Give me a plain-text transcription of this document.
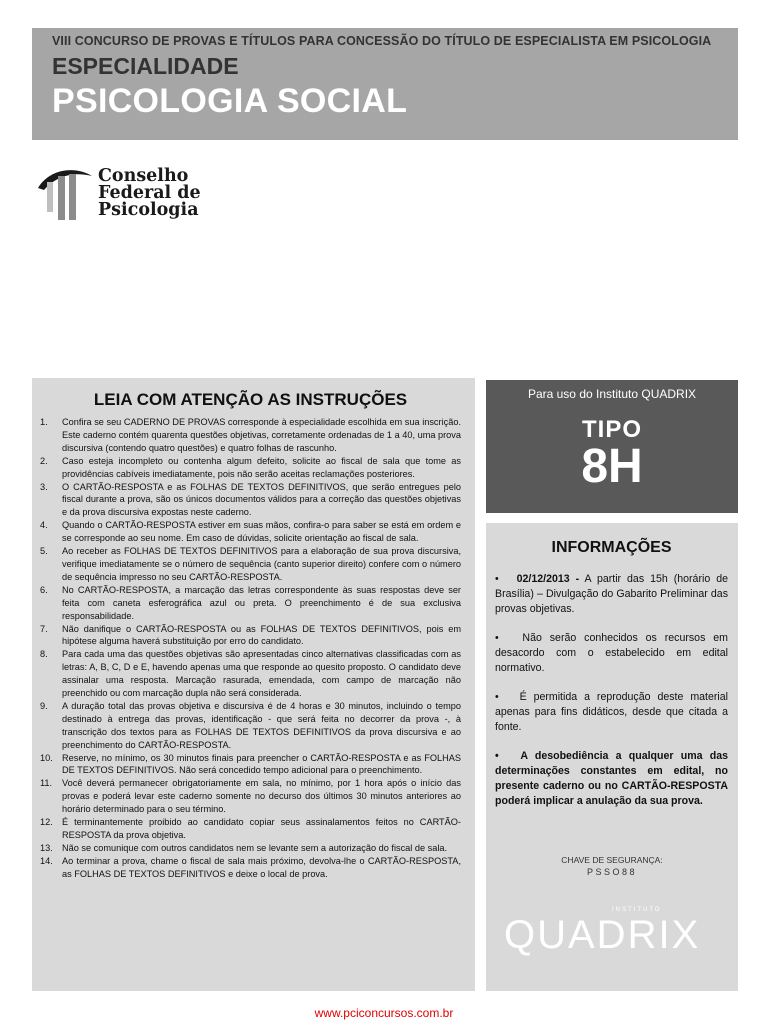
VIII CONCURSO DE PROVAS E TÍTULOS PARA CONCESSÃO DO TÍTULO DE ESPECIALISTA EM PSICOLOGIA
ESPECIALIDADE
PSICOLOGIA SOCIAL
Conselho
Federal de
Psicologia
LEIA COM ATENÇÃO AS INSTRUÇÕES
1. Confira se seu CADERNO DE PROVAS corresponde à especialidade escolhida em sua inscrição. Este caderno contém quarenta questões objetivas, corretamente ordenadas de 1 a 40, uma prova discursiva (contendo quatro questões) e quatro folhas de rascunho.
2. Caso esteja incompleto ou contenha algum defeito, solicite ao fiscal de sala que tome as providências cabíveis imediatamente, pois não serão aceitas reclamações posteriores.
3. O CARTÃO-RESPOSTA e as FOLHAS DE TEXTOS DEFINITIVOS, que serão entregues pelo fiscal durante a prova, são os únicos documentos válidos para a correção das questões objetivas e da prova discursiva expostas neste caderno.
4. Quando o CARTÃO-RESPOSTA estiver em suas mãos, confira-o para saber se está em ordem e se corresponde ao seu nome. Em caso de dúvidas, solicite orientação ao fiscal de sala.
5. Ao receber as FOLHAS DE TEXTOS DEFINITIVOS para a elaboração de sua prova discursiva, verifique imediatamente se o número de sequência (canto superior direito) confere com o número de sequência impresso no seu CARTÃO-RESPOSTA.
6. No CARTÃO-RESPOSTA, a marcação das letras correspondente às suas respostas deve ser feita com caneta esferográfica azul ou preta. O preenchimento é de sua exclusiva responsabilidade.
7. Não danifique o CARTÃO-RESPOSTA ou as FOLHAS DE TEXTOS DEFINITIVOS, pois em hipótese alguma haverá substituição por erro do candidato.
8. Para cada uma das questões objetivas são apresentadas cinco alternativas classificadas com as letras: A, B, C, D e E, havendo apenas uma que responde ao quesito proposto. O candidato deve assinalar uma resposta. Marcação rasurada, emendada, com campo de marcação não preenchido ou com marcação dupla não será considerada.
9. A duração total das provas objetiva e discursiva é de 4 horas e 30 minutos, incluindo o tempo destinado à entrega das provas, identificação - que será feita no decorrer da prova -, à transcrição dos textos para as FOLHAS DE TEXTOS DEFINITIVOS da prova discursiva e ao preenchimento do CARTÃO-RESPOSTA.
10. Reserve, no mínimo, os 30 minutos finais para preencher o CARTÃO-RESPOSTA e as FOLHAS DE TEXTOS DEFINITIVOS. Não será concedido tempo adicional para o preenchimento.
11. Você deverá permanecer obrigatoriamente em sala, no mínimo, por 1 hora após o início das provas e poderá levar este caderno somente no decurso dos últimos 30 minutos anteriores ao horário determinado para o seu término.
12. É terminantemente proibido ao candidato copiar seus assinalamentos feitos no CARTÃO-RESPOSTA da prova objetiva.
13. Não se comunique com outros candidatos nem se levante sem a autorização do fiscal de sala.
14. Ao terminar a prova, chame o fiscal de sala mais próximo, devolva-lhe o CARTÃO-RESPOSTA, as FOLHAS DE TEXTOS DEFINITIVOS e deixe o local de prova.
Para uso do Instituto QUADRIX
TIPO
8H
INFORMAÇÕES

• 02/12/2013 - A partir das 15h (horário de Brasília) – Divulgação do Gabarito Preliminar das provas objetivas.

• Não serão conhecidos os recursos em desacordo com o estabelecido em edital normativo.

• É permitida a reprodução deste material apenas para fins didáticos, desde que citada a fonte.

• A desobediência a qualquer uma das determinações constantes em edital, no presente caderno ou no CARTÃO-RESPOSTA poderá implicar a anulação da sua prova.

CHAVE DE SEGURANÇA:
PSSO88
INSTITUTO
QUADRIX
www.pciconcursos.com.br
